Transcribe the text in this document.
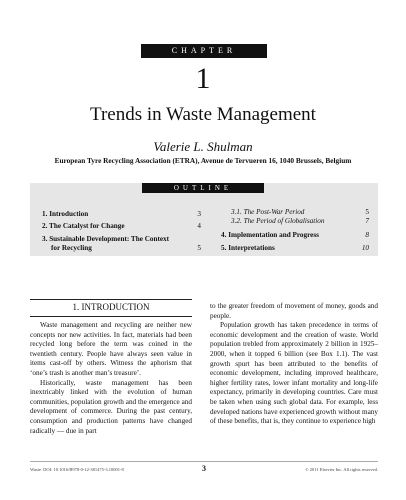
CHAPTER
1
Trends in Waste Management
Valerie L. Shulman
European Tyre Recycling Association (ETRA), Avenue de Tervueren 16, 1040 Brussels, Belgium
OUTLINE
1. Introduction	3
2. The Catalyst for Change	4
3. Sustainable Development: The Context
for Recycling	5
3.1. The Post-War Period	5
3.2. The Period of Globalisation	7
4. Implementation and Progress	8
5. Interpretations	10
1. INTRODUCTION

Waste management and recycling are neither new concepts nor new activities. In fact, materials had been recycled long before the term was coined in the twentieth century. People have always seen value in items cast-off by others. Witness the aphorism that ‘one’s trash is another man’s treasure’.

Historically, waste management has been inextricably linked with the evolution of human communities, population growth and the emergence and development of commerce. During the past century, consumption and production patterns have changed radically — due in part

to the greater freedom of movement of money, goods and people.

Population growth has taken precedence in terms of economic development and the creation of waste. World population trebled from approximately 2 billion in 1925–2000, when it topped 6 billion (see Box 1.1). The vast growth spurt has been attributed to the benefits of economic development, including improved healthcare, higher fertility rates, lower infant mortality and long-life expectancy, primarily in developing countries. Care must be taken when using such global data. For example, less developed nations have experienced growth without many of these benefits, that is, they continue to experience high

Waste. DOI: 10.1016/B978-0-12-381475-3.10001-8	3	© 2011 Elsevier Inc. All rights reserved.
